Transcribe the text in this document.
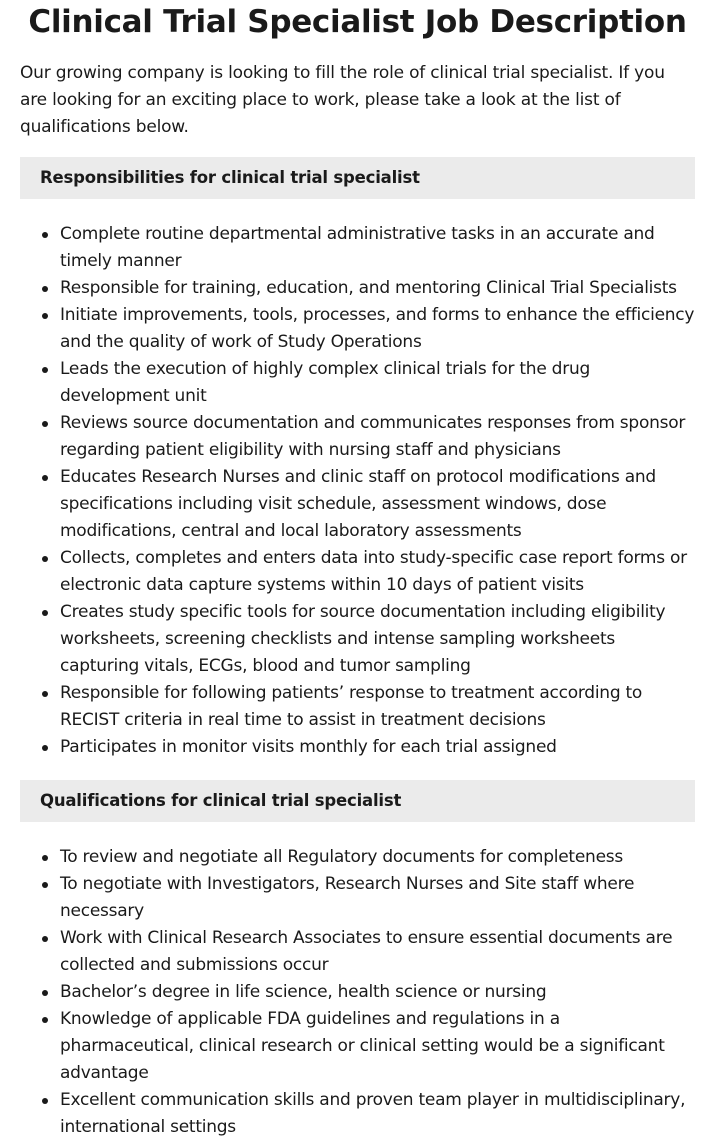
Clinical Trial Specialist Job Description

Our growing company is looking to fill the role of clinical trial specialist. If you are looking for an exciting place to work, please take a look at the list of qualifications below.

Responsibilities for clinical trial specialist
Complete routine departmental administrative tasks in an accurate and timely manner
Responsible for training, education, and mentoring Clinical Trial Specialists
Initiate improvements, tools, processes, and forms to enhance the efficiency and the quality of work of Study Operations
Leads the execution of highly complex clinical trials for the drug development unit
Reviews source documentation and communicates responses from sponsor regarding patient eligibility with nursing staff and physicians
Educates Research Nurses and clinic staff on protocol modifications and specifications including visit schedule, assessment windows, dose modifications, central and local laboratory assessments
Collects, completes and enters data into study-specific case report forms or electronic data capture systems within 10 days of patient visits
Creates study specific tools for source documentation including eligibility worksheets, screening checklists and intense sampling worksheets capturing vitals, ECGs, blood and tumor sampling
Responsible for following patients’ response to treatment according to RECIST criteria in real time to assist in treatment decisions
Participates in monitor visits monthly for each trial assigned
Qualifications for clinical trial specialist
To review and negotiate all Regulatory documents for completeness
To negotiate with Investigators, Research Nurses and Site staff where necessary
Work with Clinical Research Associates to ensure essential documents are collected and submissions occur
Bachelor’s degree in life science, health science or nursing
Knowledge of applicable FDA guidelines and regulations in a pharmaceutical, clinical research or clinical setting would be a significant advantage
Excellent communication skills and proven team player in multidisciplinary, international settings
